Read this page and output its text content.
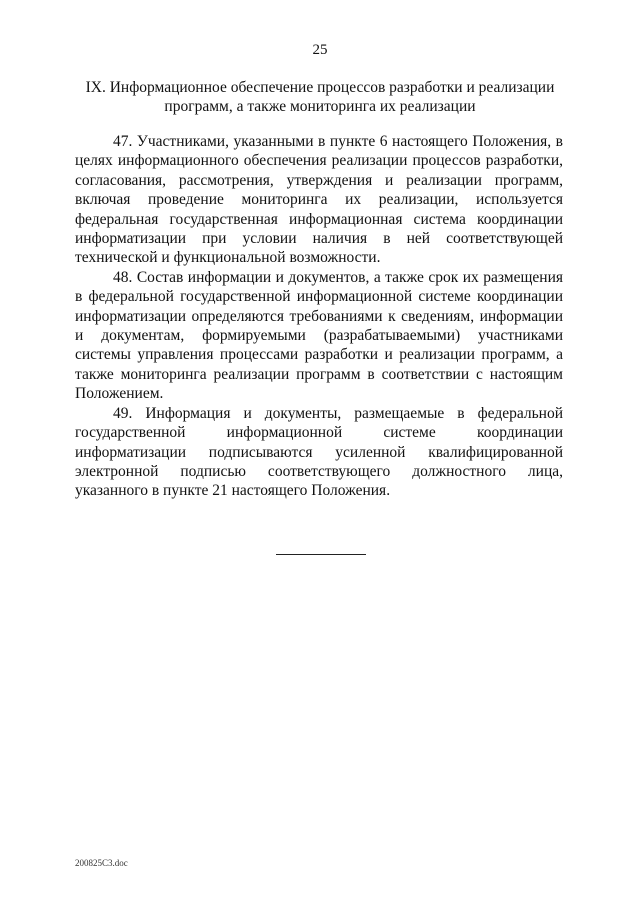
25
IX. Информационное обеспечение процессов разработки и реализации
программ, а также мониторинга их реализации

47. Участниками, указанными в пункте 6 настоящего Положения, в целях информационного обеспечения реализации процессов разработки, согласования, рассмотрения, утверждения и реализации программ, включая проведение мониторинга их реализации, используется федеральная государственная информационная система координации информатизации при условии наличия в ней соответствующей технической и функциональной возможности.

48. Состав информации и документов, а также срок их размещения в федеральной государственной информационной системе координации информатизации определяются требованиями к сведениям, информации и документам, формируемыми (разрабатываемыми) участниками системы управления процессами разработки и реализации программ, а также мониторинга реализации программ в соответствии с настоящим Положением.

49. Информация и документы, размещаемые в федеральной государственной информационной системе координации информатизации подписываются усиленной квалифицированной электронной подписью соответствующего должностного лица, указанного в пункте 21 настоящего Положения.

200825С3.doc
